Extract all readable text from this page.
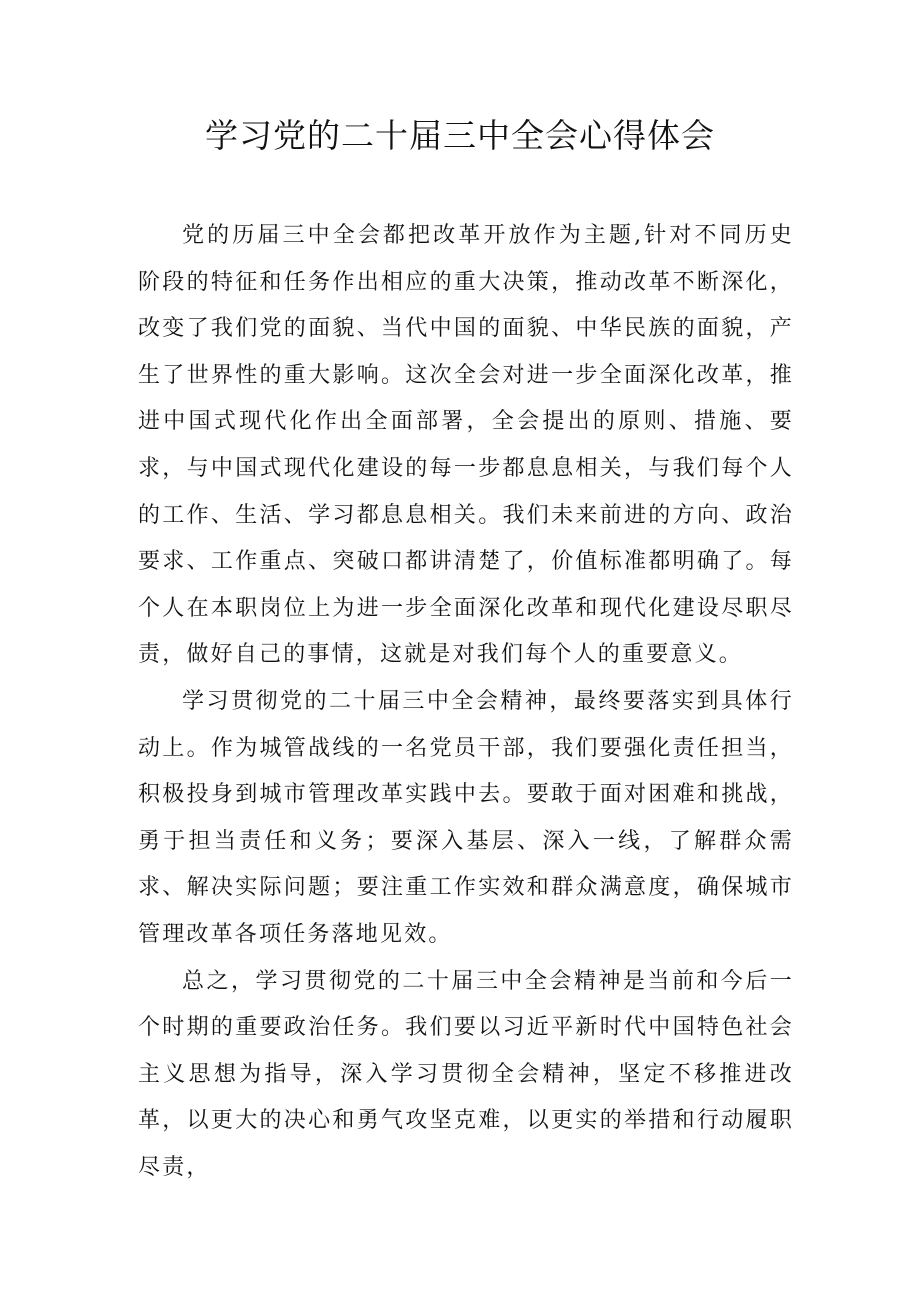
学习党的二十届三中全会心得体会

党的历届三中全会都把改革开放作为主题,针对不同历史阶段的特征和任务作出相应的重大决策，推动改革不断深化，改变了我们党的面貌、当代中国的面貌、中华民族的面貌，产生了世界性的重大影响。这次全会对进一步全面深化改革，推进中国式现代化作出全面部署，全会提出的原则、措施、要求，与中国式现代化建设的每一步都息息相关，与我们每个人的工作、生活、学习都息息相关。我们未来前进的方向、政治要求、工作重点、突破口都讲清楚了，价值标准都明确了。每个人在本职岗位上为进一步全面深化改革和现代化建设尽职尽责，做好自己的事情，这就是对我们每个人的重要意义。

学习贯彻党的二十届三中全会精神，最终要落实到具体行动上。作为城管战线的一名党员干部，我们要强化责任担当，积极投身到城市管理改革实践中去。要敢于面对困难和挑战，勇于担当责任和义务；要深入基层、深入一线，了解群众需求、解决实际问题；要注重工作实效和群众满意度，确保城市管理改革各项任务落地见效。

总之，学习贯彻党的二十届三中全会精神是当前和今后一个时期的重要政治任务。我们要以习近平新时代中国特色社会主义思想为指导，深入学习贯彻全会精神，坚定不移推进改革，以更大的决心和勇气攻坚克难，以更实的举措和行动履职尽责，
